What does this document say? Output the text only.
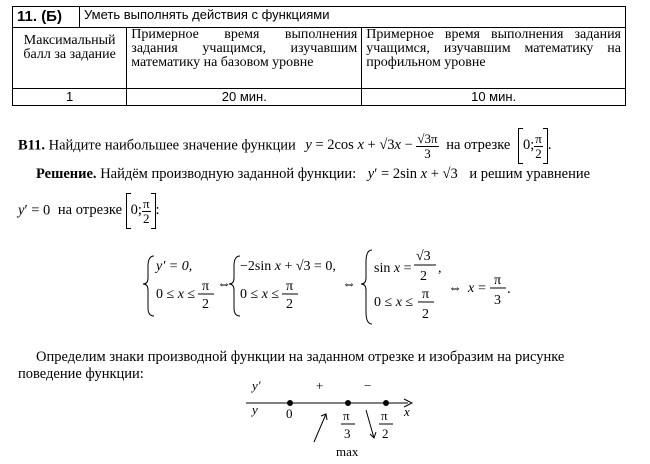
11. (Б)	Уметь выполнять действия с функциями		
Максимальный балл за задание		Примерное время выполнения задания учащимся, изучавшим математику на базовом уровне	Примерное время выполнения задания учащимся, изучавшим математику на профильном уровне
1		20 мин.	10 мин.
В11. Найдите наибольшее значение функции y = 2cos $x + √3x - \frac{√3\pi}{3}$ на отрезке 0; $\frac{\pi}{2}$ .
Решение. Найдём производную заданной функции: y′ = 2sin x + √3 и решим уравнение
y′ = 0 на отрезке 0; $\frac{\pi}{2}$ :
y′ = 0,
0 ≤ x ≤
π
2
⇔
−2sin x + √3 = 0,
0 ≤ x ≤
π
2
⇔
sin x =
√3
2
,
0 ≤ x ≤
π
2
⇔ x =
π
3
.
Определим знаки производной функции на заданном отрезке и изобразим на рисунке
поведение функции:
y′
y
+	−
x
0	π
3
π
2
max
